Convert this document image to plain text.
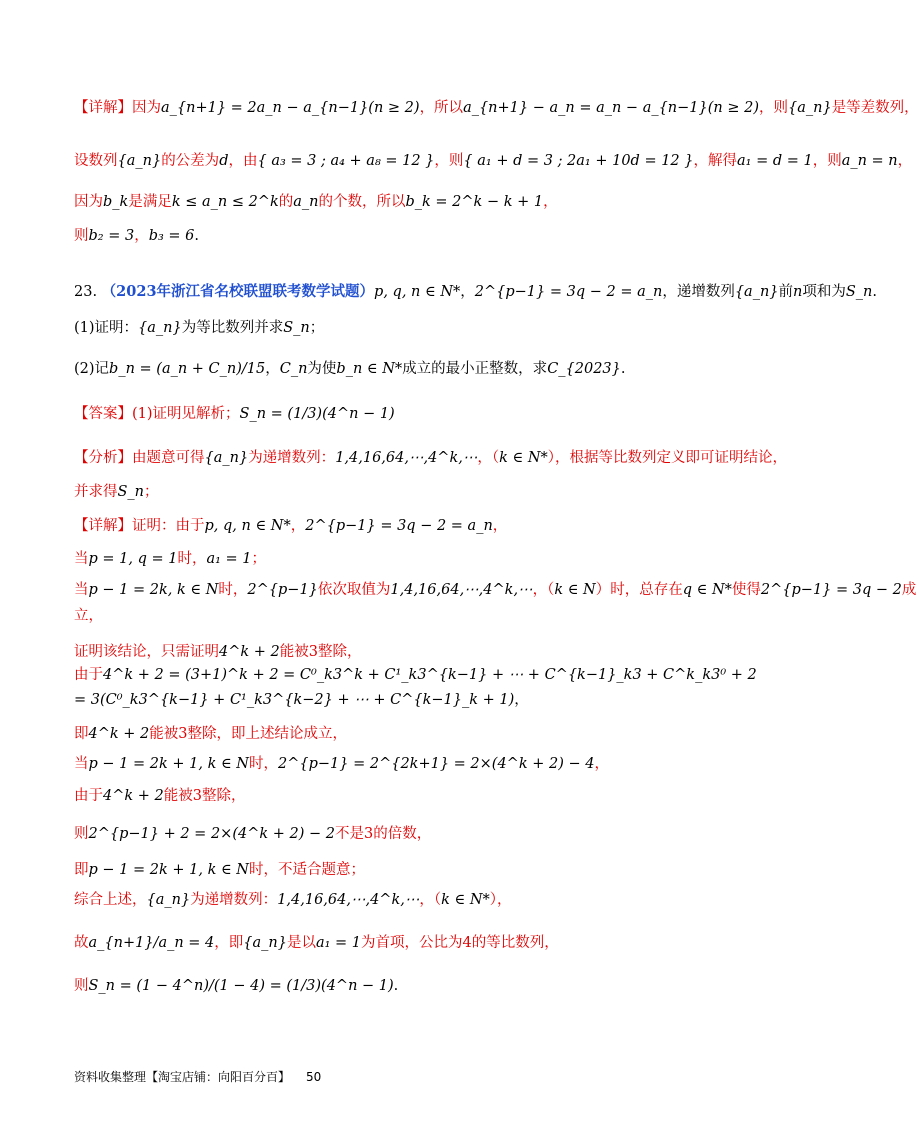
【详解】因为a_{n+1} = 2a_n − a_{n−1}(n ≥ 2)，所以a_{n+1} − a_n = a_n − a_{n−1}(n ≥ 2)，则{a_n}是等差数列，
设数列{a_n}的公差为d，由{ a₃ = 3 ; a₄ + a₈ = 12 }，则{ a₁ + d = 3 ; 2a₁ + 10d = 12 }，解得a₁ = d = 1，则a_n = n，
因为b_k是满足k ≤ a_n ≤ 2^k的a_n的个数，所以b_k = 2^k − k + 1，
则b₂ = 3，b₃ = 6.
23. （2023年浙江省名校联盟联考数学试题）p, q, n ∈ N*，2^{p−1} = 3q − 2 = a_n，递增数列{a_n}前n项和为S_n.
(1)证明：{a_n}为等比数列并求S_n；
(2)记b_n = (a_n + C_n)/15，C_n为使b_n ∈ N*成立的最小正整数，求C_{2023}.
【答案】(1)证明见解析；S_n = (1/3)(4^n − 1)
【分析】由题意可得{a_n}为递增数列：1,4,16,64,⋯,4^k,⋯，（k ∈ N*），根据等比数列定义即可证明结论，
并求得S_n；
【详解】证明：由于p, q, n ∈ N*，2^{p−1} = 3q − 2 = a_n，
当p = 1, q = 1时，a₁ = 1；
当p − 1 = 2k, k ∈ N时，2^{p−1}依次取值为1,4,16,64,⋯,4^k,⋯，（k ∈ N）时，总存在q ∈ N*使得2^{p−1} = 3q − 2成
立，
证明该结论，只需证明4^k + 2能被3整除，
由于4^k + 2 = (3+1)^k + 2 = C⁰_k3^k + C¹_k3^{k−1} + ⋯ + C^{k−1}_k3 + C^k_k3⁰ + 2
= 3(C⁰_k3^{k−1} + C¹_k3^{k−2} + ⋯ + C^{k−1}_k + 1)，
即4^k + 2能被3整除，即上述结论成立，
当p − 1 = 2k + 1, k ∈ N时，2^{p−1} = 2^{2k+1} = 2×(4^k + 2) − 4，
由于4^k + 2能被3整除，
则2^{p−1} + 2 = 2×(4^k + 2) − 2不是3的倍数，
即p − 1 = 2k + 1, k ∈ N时，不适合题意；
综合上述，{a_n}为递增数列：1,4,16,64,⋯,4^k,⋯，（k ∈ N*），
故a_{n+1}/a_n = 4，即{a_n}是以a₁ = 1为首项，公比为4的等比数列，
则S_n = (1 − 4^n)/(1 − 4) = (1/3)(4^n − 1).
资料收集整理【淘宝店铺：向阳百分百】 50
